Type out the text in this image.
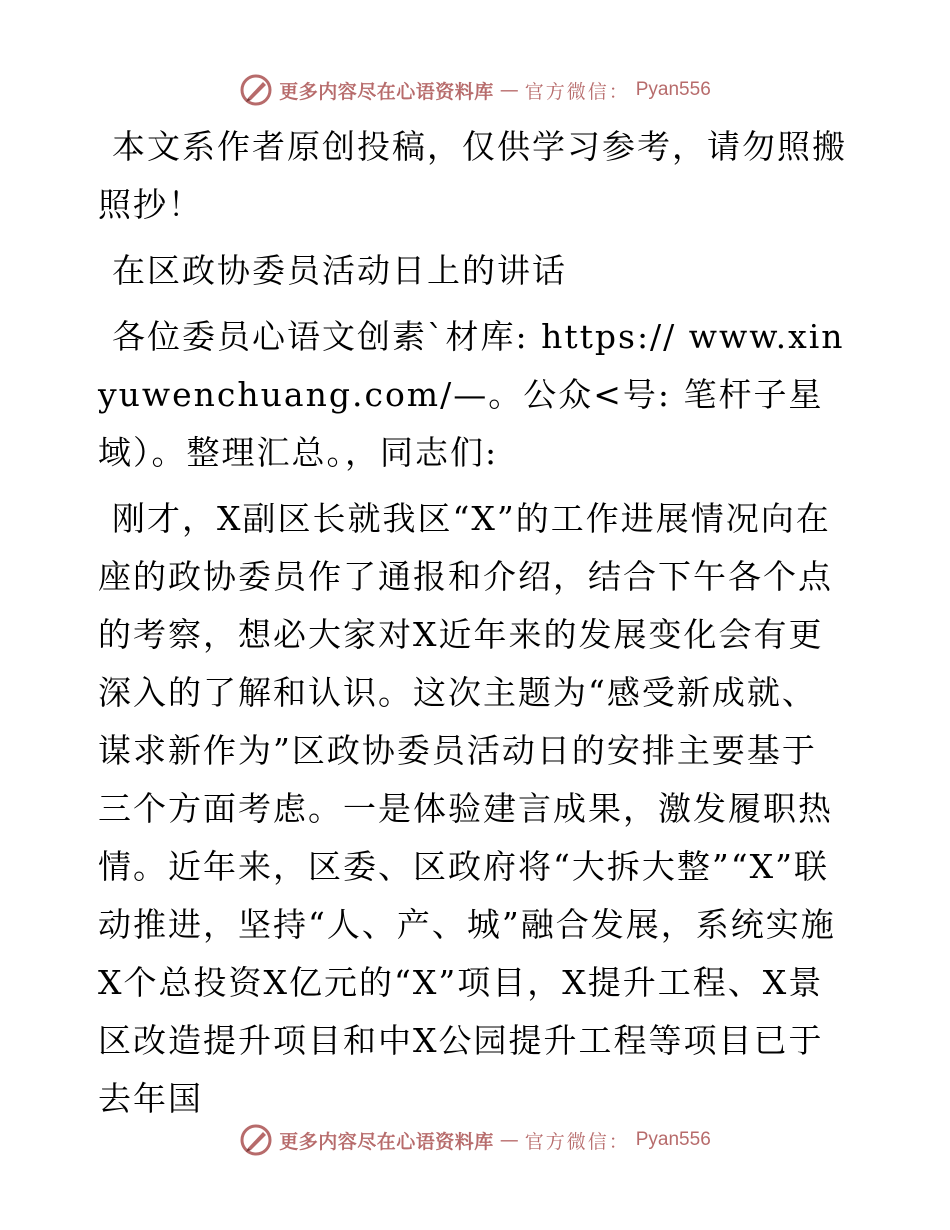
更多内容尽在心语资料库 — 官方微信： Pyan556

本文系作者原创投稿，仅供学习参考，请勿照搬照抄！

在区政协委员活动日上的讲话

各位委员心语文创素`材库: https:// www.xinyuwenchuang.com/—。公众<号: 笔杆子星域）。整理汇总。，同志们:

刚才，X副区长就我区“X”的工作进展情况向在座的政协委员作了通报和介绍，结合下午各个点的考察，想必大家对X近年来的发展变化会有更深入的了解和认识。这次主题为“感受新成就、谋求新作为”区政协委员活动日的安排主要基于三个方面考虑。一是体验建言成果，激发履职热情。近年来，区委、区政府将“大拆大整”“X”联动推进，坚持“人、产、城”融合发展，系统实施X个总投资X亿元的“X”项目，X提升工程、X景区改造提升项目和中X公园提升工程等项目已于去年国

更多内容尽在心语资料库 — 官方微信： Pyan556
